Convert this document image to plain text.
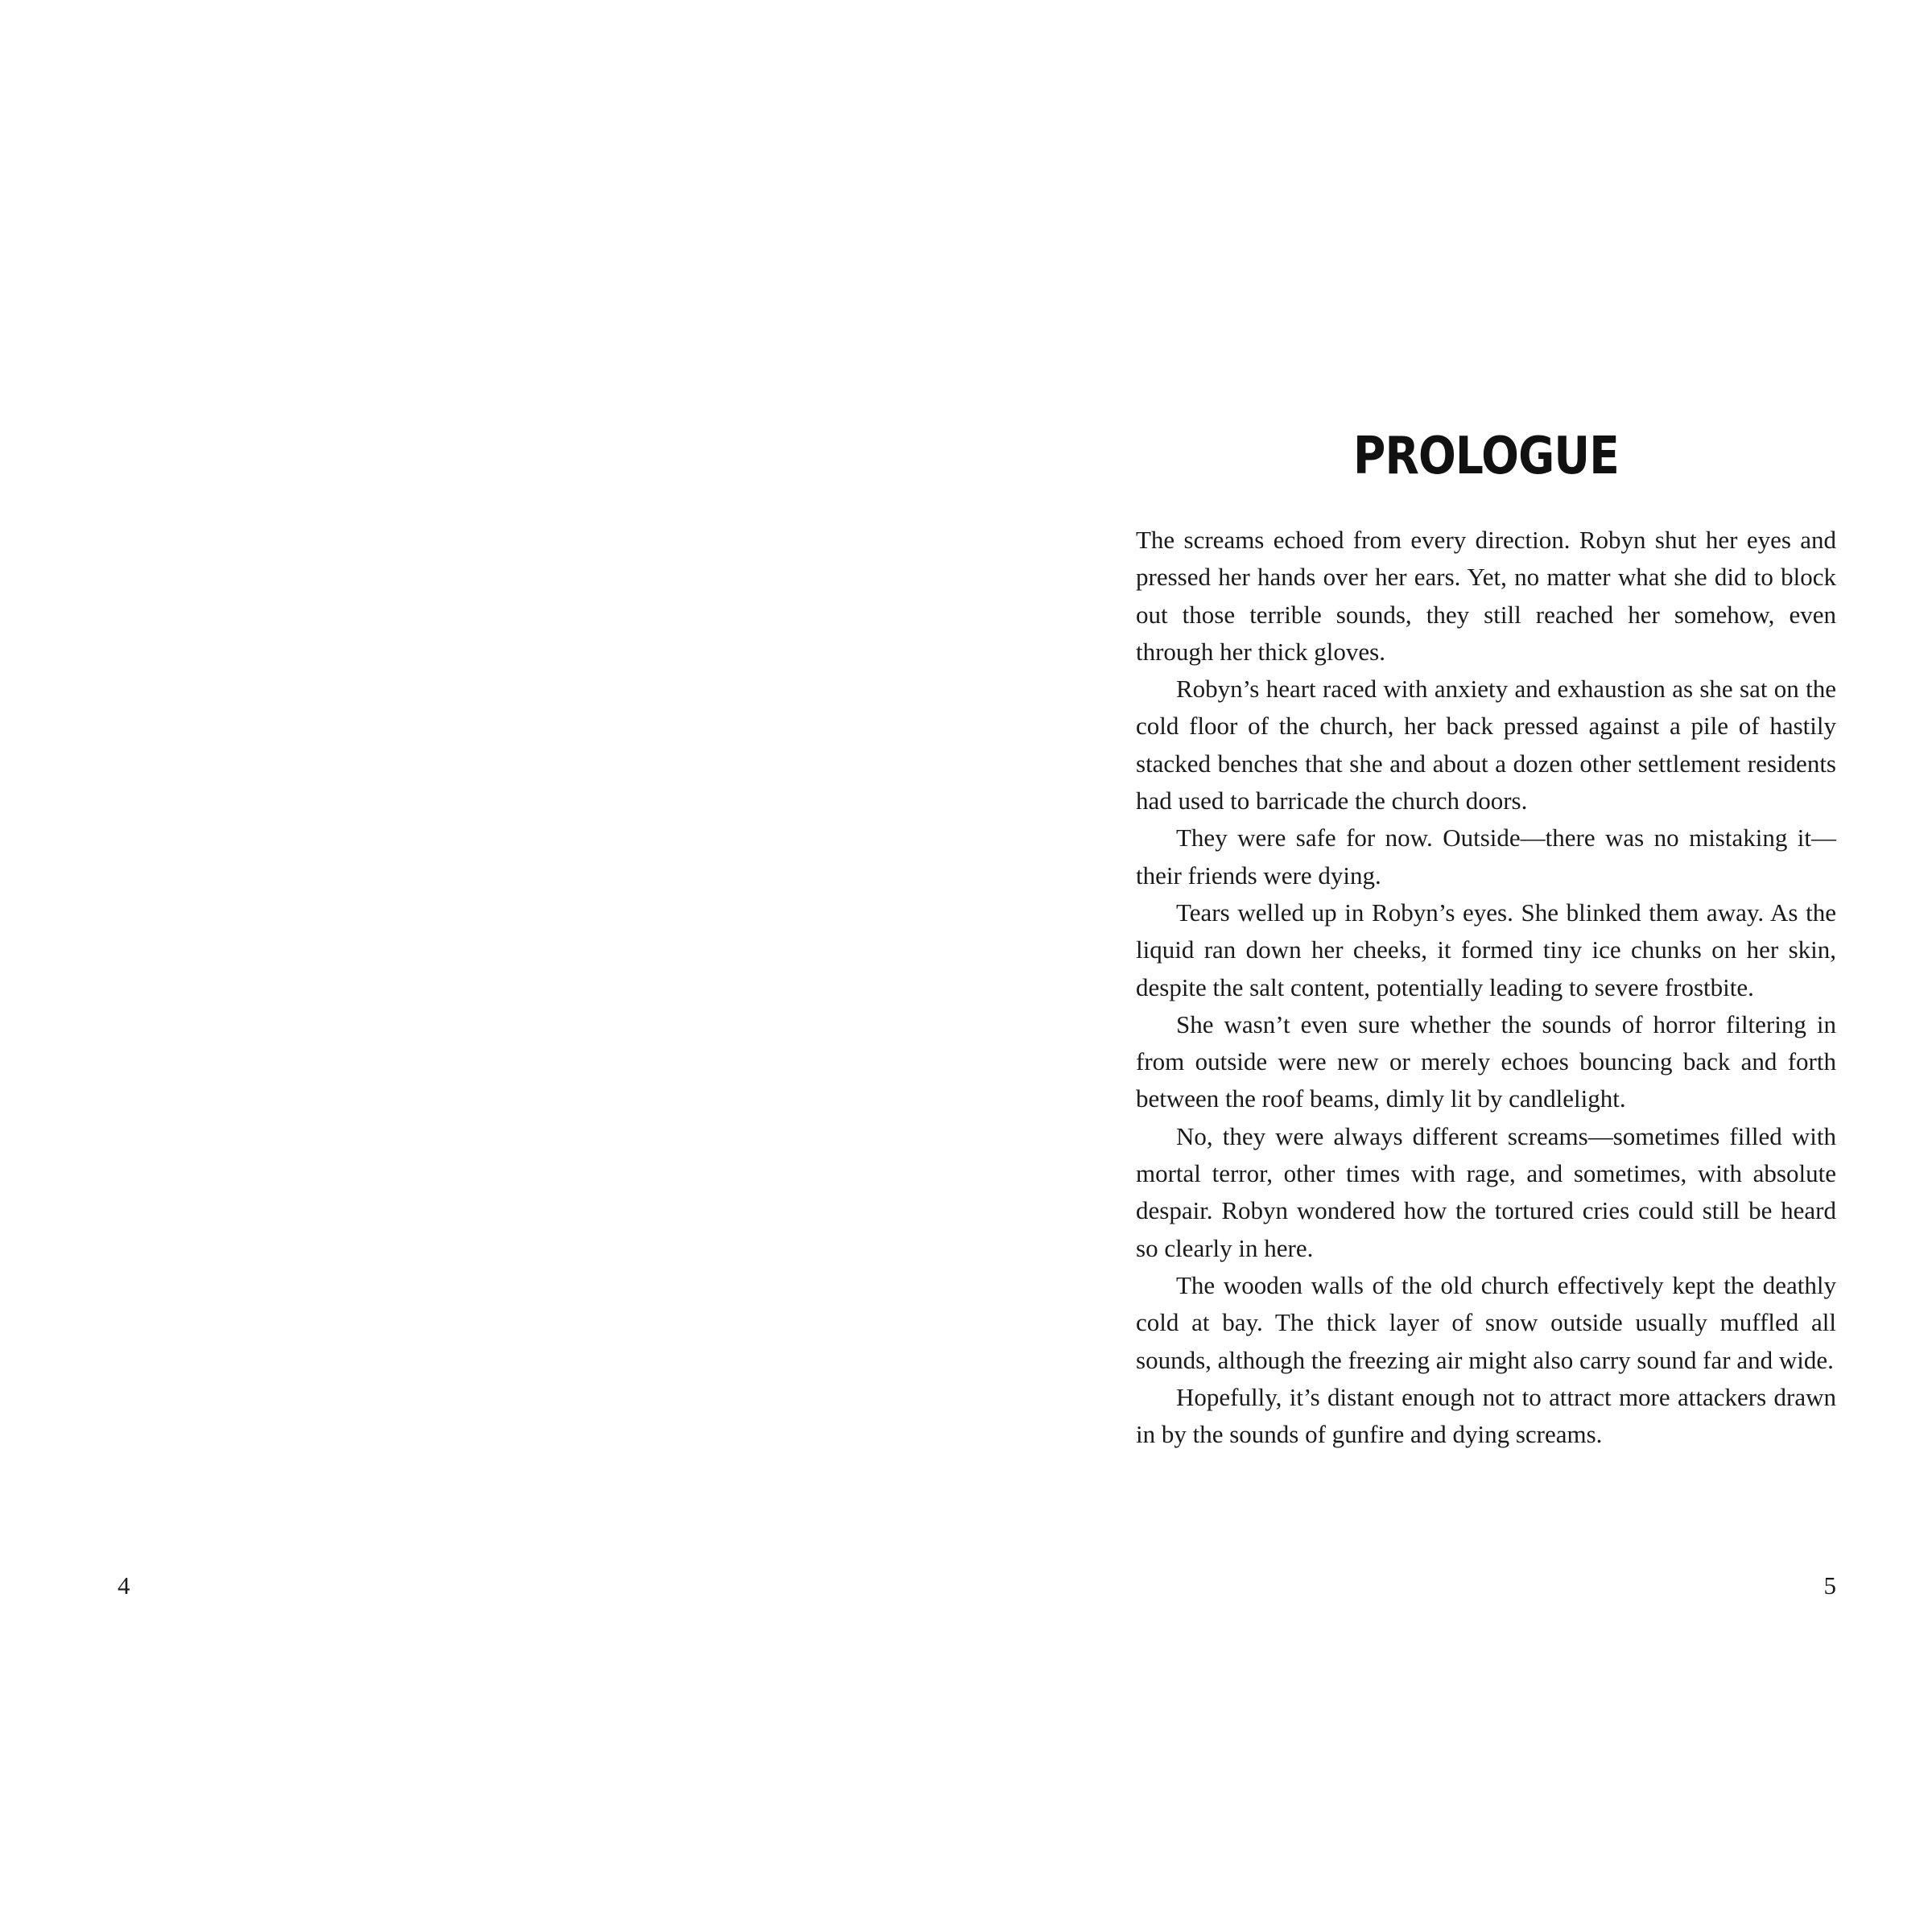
PROLOGUE

The screams echoed from every direction. Robyn shut her eyes and pressed her hands over her ears. Yet, no matter what she did to block out those terrible sounds, they still reached her somehow, even through her thick gloves.

Robyn’s heart raced with anxiety and exhaustion as she sat on the cold floor of the church, her back pressed against a pile of hastily stacked benches that she and about a dozen other settlement residents had used to barricade the church doors.

They were safe for now. Outside—there was no mistaking it—their friends were dying.

Tears welled up in Robyn’s eyes. She blinked them away. As the liquid ran down her cheeks, it formed tiny ice chunks on her skin, despite the salt content, potentially leading to severe frostbite.

She wasn’t even sure whether the sounds of horror filtering in from outside were new or merely echoes bouncing back and forth between the roof beams, dimly lit by candlelight.

No, they were always different screams—sometimes filled with mortal terror, other times with rage, and sometimes, with absolute despair. Robyn wondered how the tortured cries could still be heard so clearly in here.

The wooden walls of the old church effectively kept the deathly cold at bay. The thick layer of snow outside usually muffled all sounds, although the freezing air might also carry sound far and wide.

Hopefully, it’s distant enough not to attract more attackers drawn in by the sounds of gunfire and dying screams.

4	5
